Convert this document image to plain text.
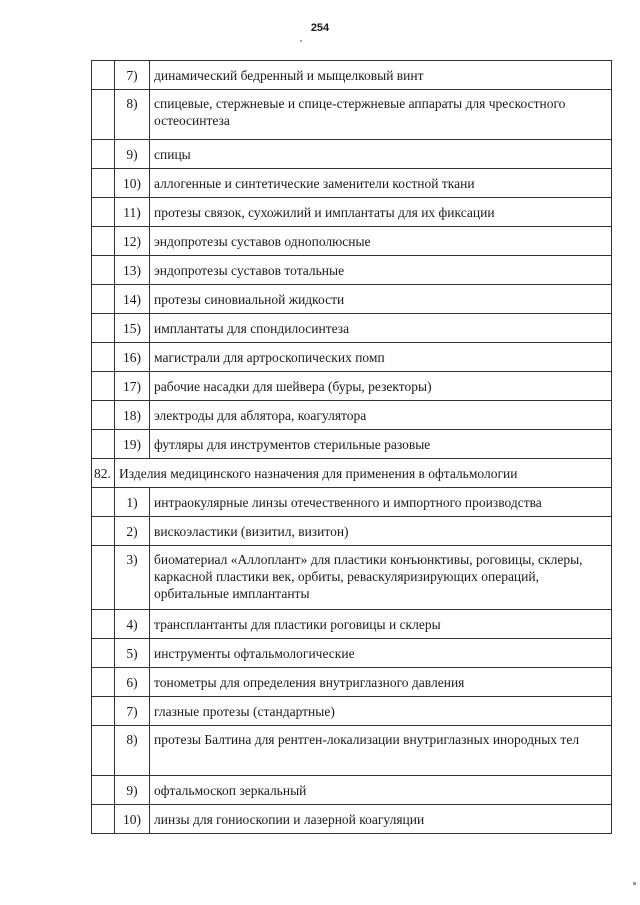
254
	7)	динамический бедренный и мыщелковый винт
	8)	спицевые, стержневые и спице-стержневые аппараты для чрескостного остеосинтеза
	9)	спицы
	10)	аллогенные и синтетические заменители костной ткани
	11)	протезы связок, сухожилий и имплантаты для их фиксации
	12)	эндопротезы суставов однополюсные
	13)	эндопротезы суставов тотальные
	14)	протезы синовиальной жидкости
	15)	имплантаты для спондилосинтеза
	16)	магистрали для артроскопических помп
	17)	рабочие насадки для шейвера (буры, резекторы)
	18)	электроды для аблятора, коагулятора
	19)	футляры для инструментов стерильные разовые
82.	Изделия медицинского назначения для применения в офтальмологии	
	1)	интраокулярные линзы отечественного и импортного производства
	2)	вискоэластики (визитил, визитон)
	3)	биоматериал «Аллоплант» для пластики конъюнктивы, роговицы, склеры, каркасной пластики век, орбиты, реваскуляризирующих операций, орбитальные имплантанты
	4)	трансплантанты для пластики роговицы и склеры
	5)	инструменты офтальмологические
	6)	тонометры для определения внутриглазного давления
	7)	глазные протезы (стандартные)
	8)	протезы Балтина для рентген-локализации внутриглазных инородных тел
	9)	офтальмоскоп зеркальный
	10)	линзы для гониоскопии и лазерной коагуляции
